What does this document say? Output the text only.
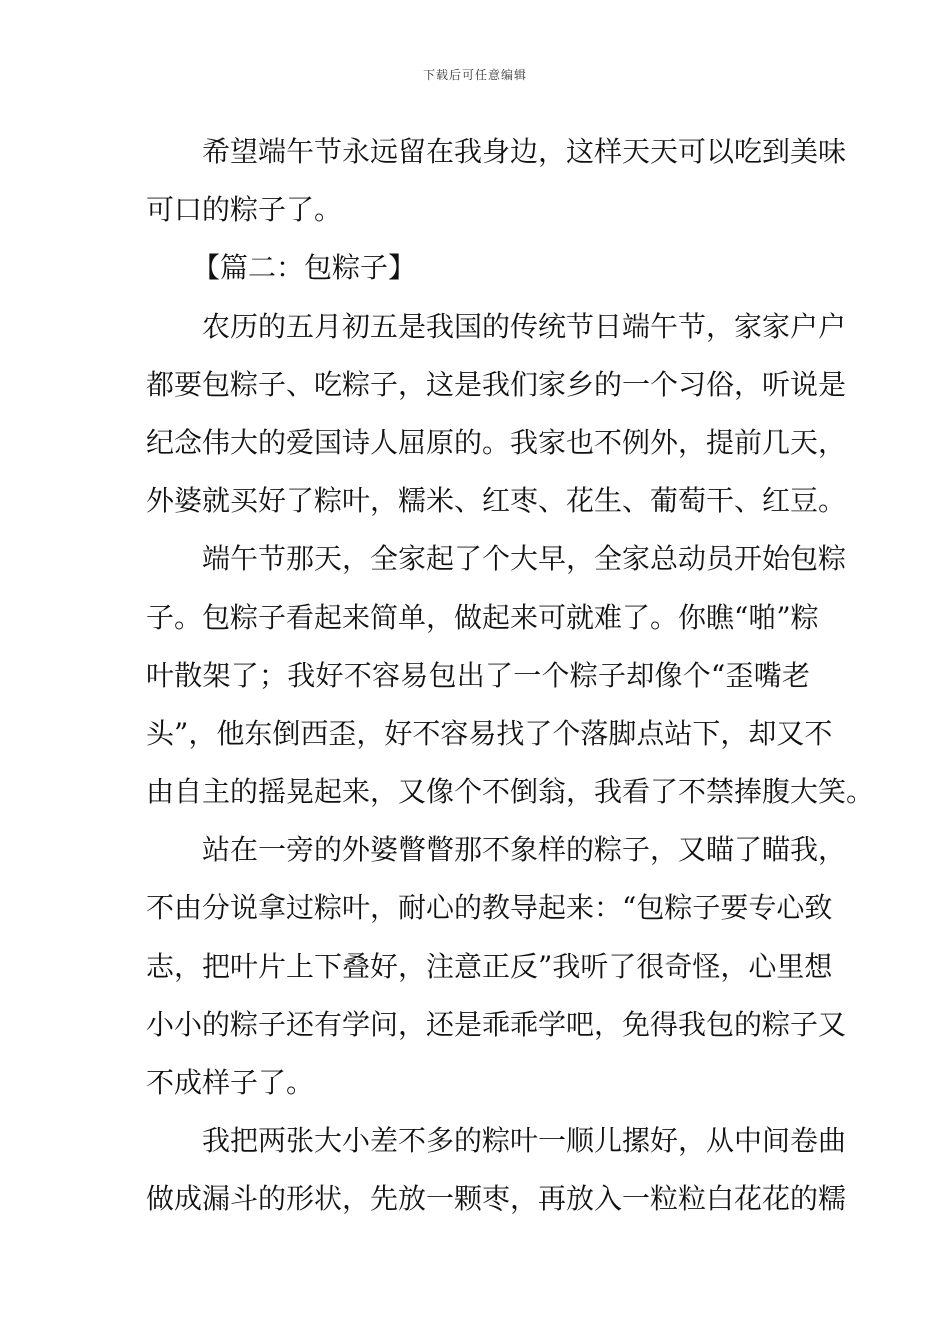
下载后可任意编辑
希望端午节永远留在我身边，这样天天可以吃到美味
可口的粽子了。
【篇二：包粽子】
农历的五月初五是我国的传统节日端午节，家家户户
都要包粽子、吃粽子，这是我们家乡的一个习俗，听说是
纪念伟大的爱国诗人屈原的。我家也不例外，提前几天，
外婆就买好了粽叶，糯米、红枣、花生、葡萄干、红豆。
端午节那天，全家起了个大早，全家总动员开始包粽
子。包粽子看起来简单，做起来可就难了。你瞧“啪”粽
叶散架了；我好不容易包出了一个粽子却像个“歪嘴老
头”，他东倒西歪，好不容易找了个落脚点站下，却又不
由自主的摇晃起来，又像个不倒翁，我看了不禁捧腹大笑。
站在一旁的外婆瞥瞥那不象样的粽子，又瞄了瞄我，
不由分说拿过粽叶，耐心的教导起来：“包粽子要专心致
志，把叶片上下叠好，注意正反”我听了很奇怪，心里想
小小的粽子还有学问，还是乖乖学吧，免得我包的粽子又
不成样子了。
我把两张大小差不多的粽叶一顺儿摞好，从中间卷曲
做成漏斗的形状，先放一颗枣，再放入一粒粒白花花的糯
